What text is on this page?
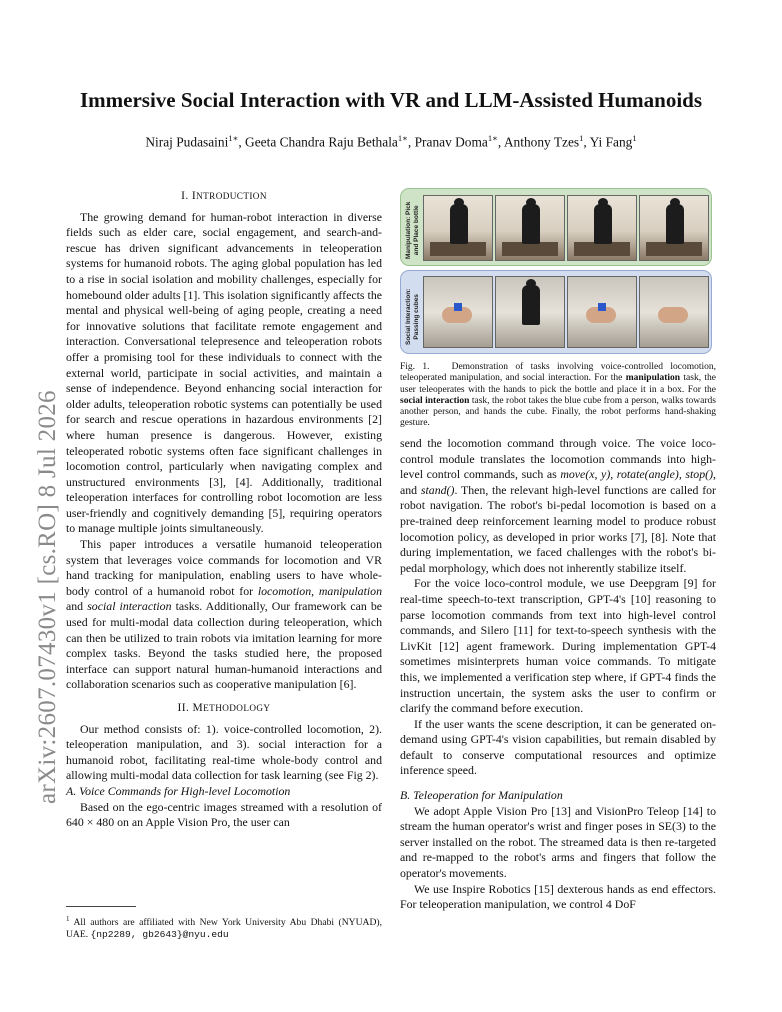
arXiv:2607.07430v1 [cs.RO] 8 Jul 2026
Immersive Social Interaction with VR and LLM-Assisted Humanoids
Niraj Pudasaini$^{1∗}$, Geeta Chandra Raju Bethala$^{1∗}$, Pranav Doma$^{1∗}$, Anthony Tzes$^1$, Yi Fang$^1$
I. INTRODUCTION

The growing demand for human-robot interaction in diverse fields such as elder care, social engagement, and search-and-rescue has driven significant advancements in teleoperation systems for humanoid robots. The aging global population has led to a rise in social isolation and mobility challenges, especially for homebound older adults [1]. This isolation significantly affects the mental and physical well-being of aging people, creating a need for innovative solutions that facilitate remote engagement and interaction. Conversational telepresence and teleoperation robots offer a promising tool for these individuals to connect with the external world, participate in social activities, and maintain a sense of independence. Beyond enhancing social interaction for older adults, teleoperation robotic systems can potentially be used for search and rescue operations in hazardous environments [2] where human presence is dangerous. However, existing teleoperated robotic systems often face significant challenges in locomotion control, particularly when navigating complex and unstructured environments [3], [4]. Additionally, traditional teleoperation interfaces for controlling robot locomotion are less user-friendly and cognitively demanding [5], requiring operators to manage multiple joints simultaneously.

This paper introduces a versatile humanoid teleoperation system that leverages voice commands for locomotion and VR hand tracking for manipulation, enabling users to have whole-body control of a humanoid robot for locomotion, manipulation and social interaction tasks. Additionally, Our framework can be used for multi-modal data collection during teleoperation, which can then be utilized to train robots via imitation learning for more complex tasks. Beyond the tasks studied here, the proposed interface can support natural human-humanoid interactions and collaboration scenarios such as cooperative manipulation [6].

II. METHODOLOGY

Our method consists of: 1). voice-controlled locomotion, 2). teleoperation manipulation, and 3). social interaction for a humanoid robot, facilitating real-time whole-body control and allowing multi-modal data collection for task learning (see Fig 2).

A. Voice Commands for High-level Locomotion

Based on the ego-centric images streamed with a resolution of 640 × 480 on an Apple Vision Pro, the user can

$^1$ All authors are affiliated with New York University Abu Dhabi (NYUAD), UAE. {np2289, gb2643}@nyu.edu
Manipulation: Pick and Place bottle
Social Interaction: Passing cubes
Fig. 1. Demonstration of tasks involving voice-controlled locomotion, teleoperated manipulation, and social interaction. For the manipulation task, the user teleoperates with the hands to pick the bottle and place it in a box. For the social interaction task, the robot takes the blue cube from a person, walks towards another person, and hands the cube. Finally, the robot performs hand-shaking gesture.

send the locomotion command through voice. The voice loco-control module translates the locomotion commands into high-level control commands, such as move(x, y), rotate(angle), stop(), and stand(). Then, the relevant high-level functions are called for robot navigation. The robot's bi-pedal locomotion is based on a pre-trained deep reinforcement learning model to produce robust locomotion policy, as developed in prior works [7], [8]. Note that during implementation, we faced challenges with the robot's bi-pedal morphology, which does not inherently stabilize itself.

For the voice loco-control module, we use Deepgram [9] for real-time speech-to-text transcription, GPT-4's [10] reasoning to parse locomotion commands from text into high-level control commands, and Silero [11] for text-to-speech synthesis with the LivKit [12] agent framework. During implementation GPT-4 sometimes misinterprets human voice commands. To mitigate this, we implemented a verification step where, if GPT-4 finds the instruction uncertain, the system asks the user to confirm or clarify the command before execution.

If the user wants the scene description, it can be generated on-demand using GPT-4's vision capabilities, but remain disabled by default to conserve computational resources and optimize inference speed.

B. Teleoperation for Manipulation

We adopt Apple Vision Pro [13] and VisionPro Teleop [14] to stream the human operator's wrist and finger poses in SE(3) to the server installed on the robot. The streamed data is then re-targeted and re-mapped to the robot's arms and fingers that follow the operator's movements.

We use Inspire Robotics [15] dexterous hands as end effectors. For teleoperation manipulation, we control 4 DoF
